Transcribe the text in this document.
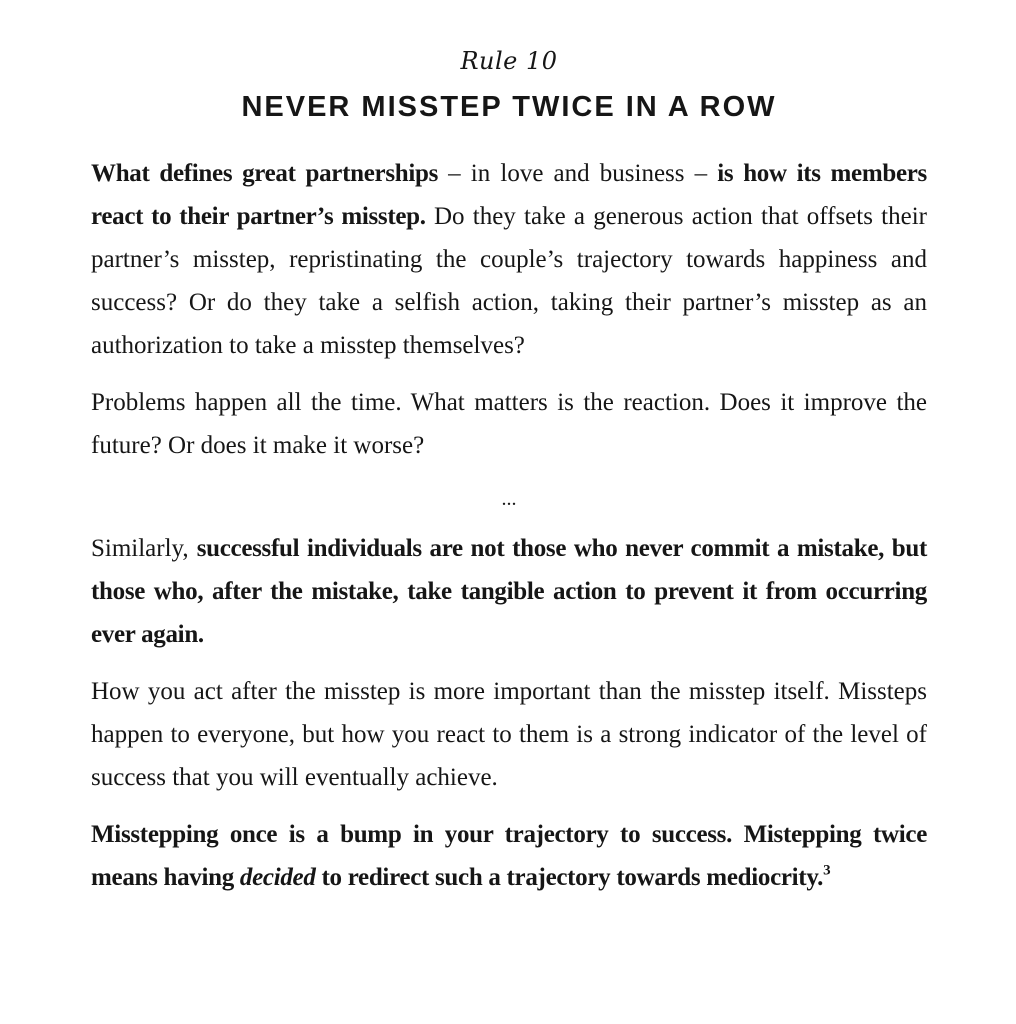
Rule 10

NEVER MISSTEP TWICE IN A ROW

What defines great partnerships – in love and business – is how its members react to their partner’s misstep. Do they take a generous action that offsets their partner’s misstep, repristinating the couple’s trajectory towards happiness and success? Or do they take a selfish action, taking their partner’s misstep as an authorization to take a misstep themselves?

Problems happen all the time. What matters is the reaction. Does it improve the future? Or does it make it worse?

...

Similarly, successful individuals are not those who never commit a mistake, but those who, after the mistake, take tangible action to prevent it from occurring ever again.

How you act after the misstep is more important than the misstep itself. Missteps happen to everyone, but how you react to them is a strong indicator of the level of success that you will eventually achieve.

Misstepping once is a bump in your trajectory to success. Mistepping twice means having decided to redirect such a trajectory towards mediocrity.$^3$
